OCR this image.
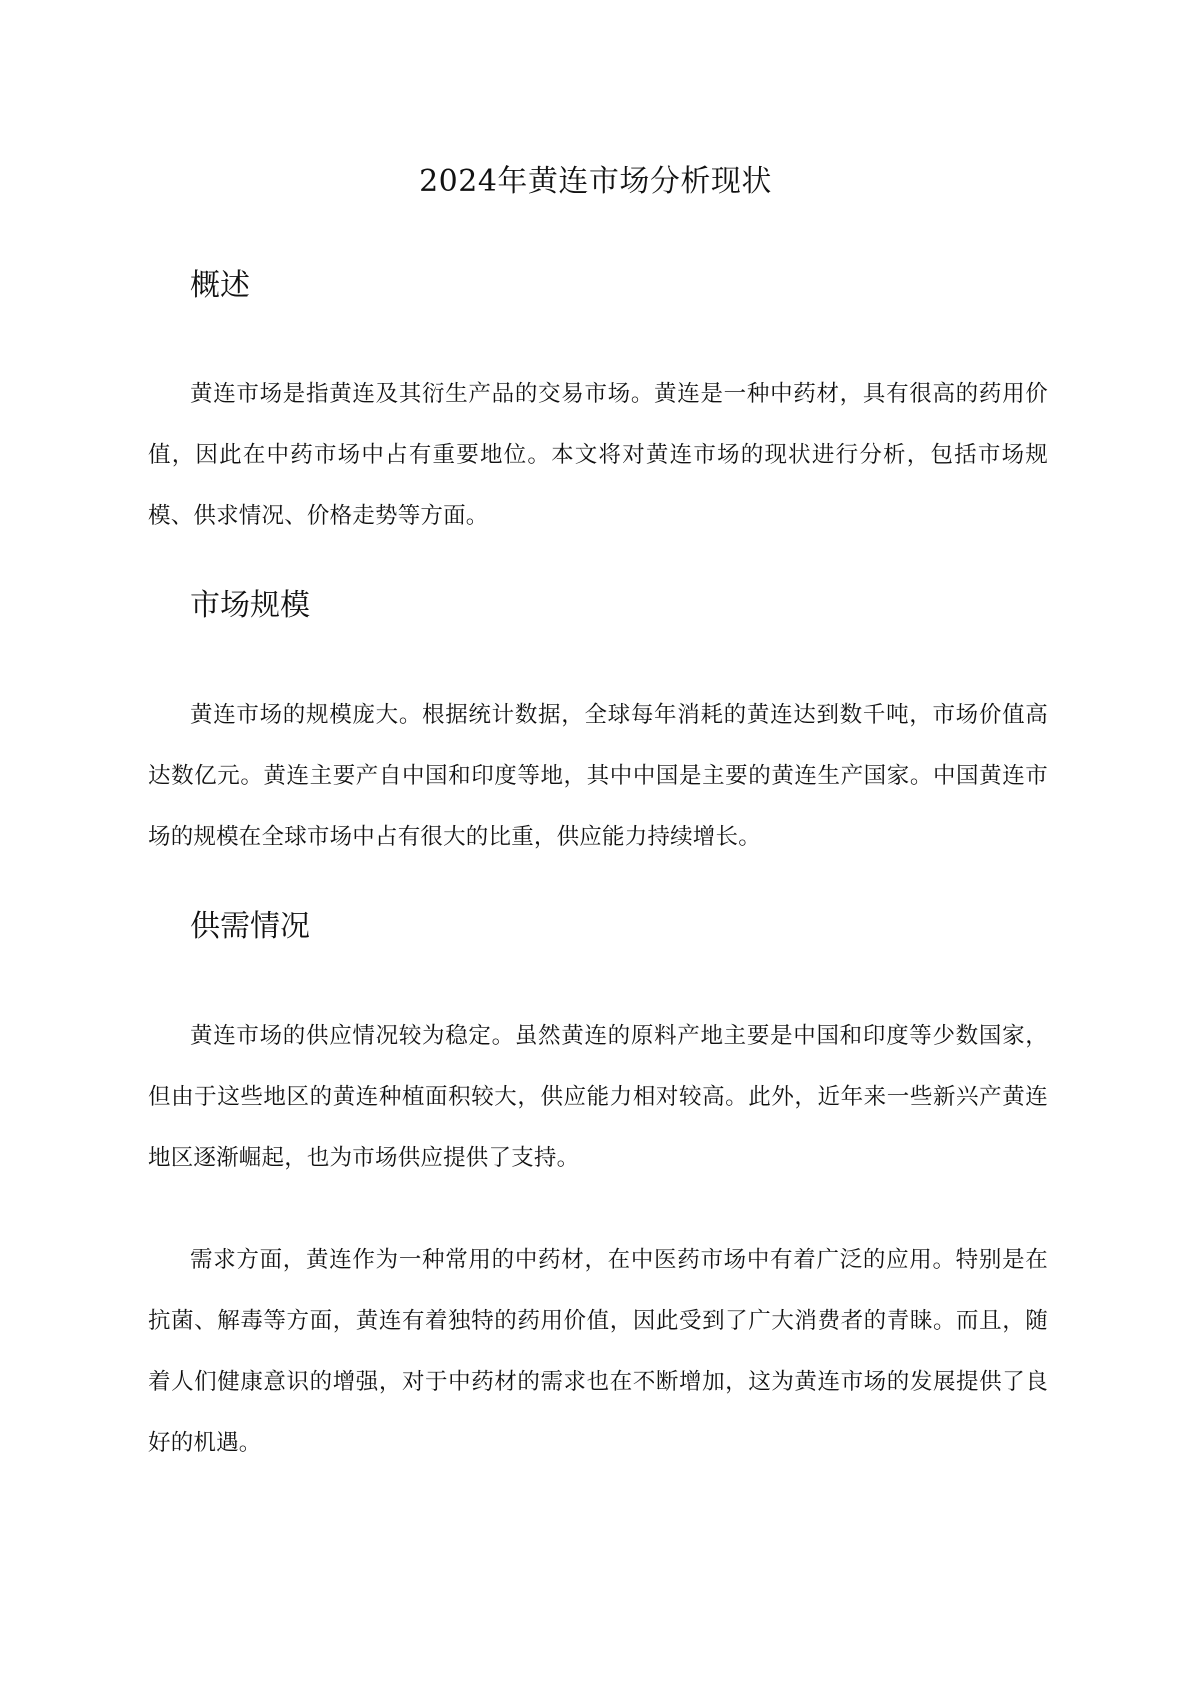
2024年黄连市场分析现状
概述
黄连市场是指黄连及其衍生产品的交易市场。黄连是一种中药材，具有很高的药用价值，因此在中药市场中占有重要地位。本文将对黄连市场的现状进行分析，包括市场规模、供求情况、价格走势等方面。
市场规模
黄连市场的规模庞大。根据统计数据，全球每年消耗的黄连达到数千吨，市场价值高达数亿元。黄连主要产自中国和印度等地，其中中国是主要的黄连生产国家。中国黄连市场的规模在全球市场中占有很大的比重，供应能力持续增长。
供需情况
黄连市场的供应情况较为稳定。虽然黄连的原料产地主要是中国和印度等少数国家，但由于这些地区的黄连种植面积较大，供应能力相对较高。此外，近年来一些新兴产黄连地区逐渐崛起，也为市场供应提供了支持。
需求方面，黄连作为一种常用的中药材，在中医药市场中有着广泛的应用。特别是在抗菌、解毒等方面，黄连有着独特的药用价值，因此受到了广大消费者的青睐。而且，随着人们健康意识的增强，对于中药材的需求也在不断增加，这为黄连市场的发展提供了良好的机遇。
